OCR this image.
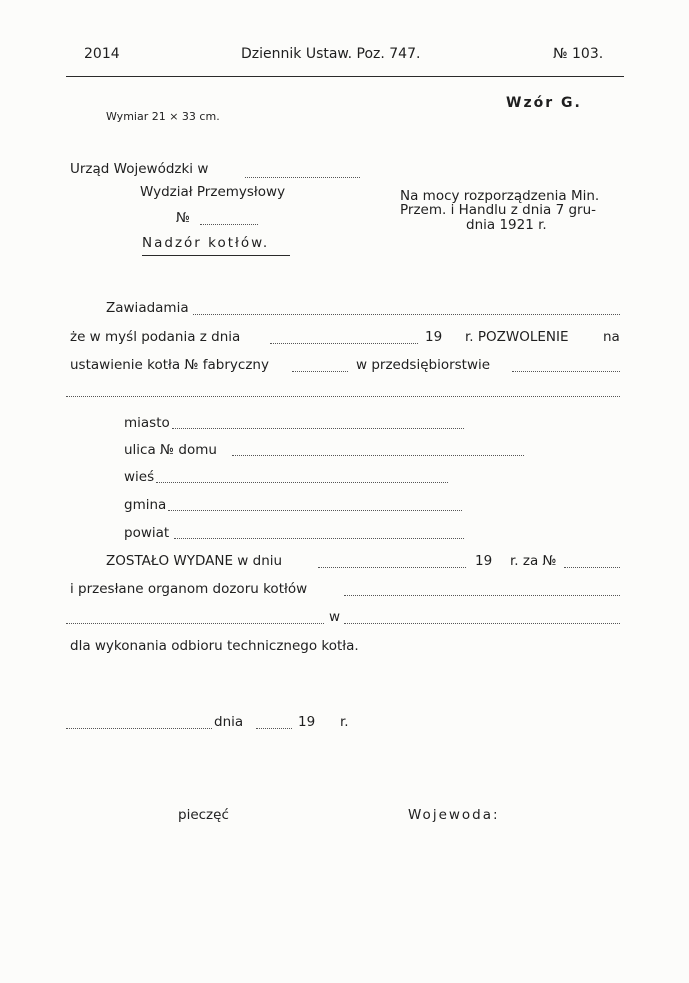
2014	Dziennik Ustaw. Poz. 747.	№ 103.
Wymiar 21 × 33 cm.
Wzór G.
Urząd Wojewódzki w
Wydział Przemysłowy
№
Nadzór kotłów.
Na mocy rozporządzenia Min.
Przem. i Handlu z dnia 7 gru-
dnia 1921 r.
Zawiadamia
że w myśl podania z dnia	19 r. POZWOLENIE	na
ustawienie kotła № fabryczny	w przedsiębiorstwie
miasto
ulica № domu
wieś
gmina
powiat
ZOSTAŁO WYDANE w dniu	19 r. za №
i przesłane organom dozoru kotłów
w
dla wykonania odbioru technicznego kotła.
dnia	19 r.
pieczęć	Wojewoda:
